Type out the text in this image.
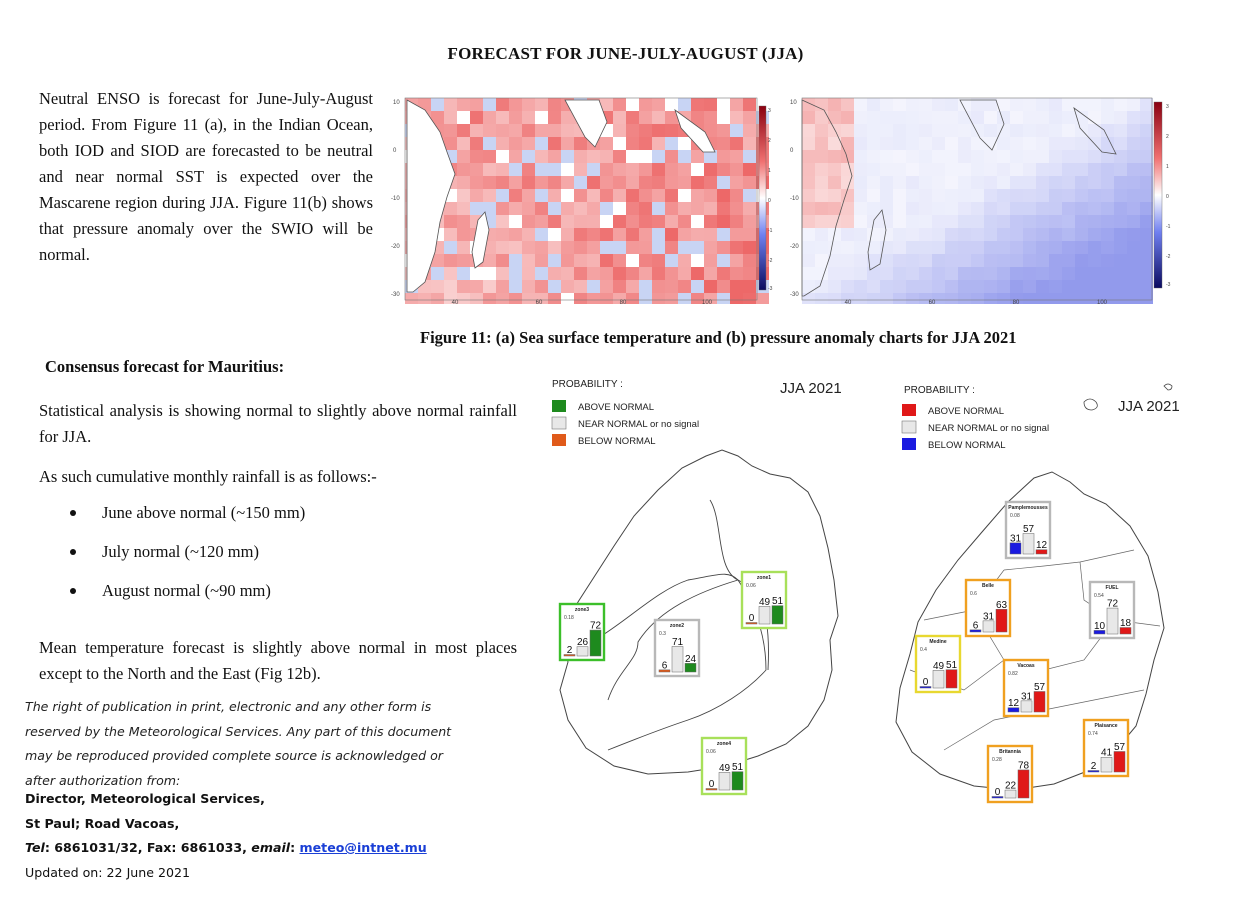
FORECAST FOR JUNE-JULY-AUGUST (JJA)
Neutral ENSO is forecast for June-July-August period. From Figure 11 (a), in the Indian Ocean, both IOD and SIOD are forecasted to be neutral and near normal SST is expected over the Mascarene region during JJA. Figure 11(b) shows that pressure anomaly over the SWIO will be normal.
40	60	80	100
10
0
-10
-20
-30
3
2
1
0
-1
-2
-3
40	60	80	100
10
0
-10
-20
-30
3
2
1
0
-1
-2
-3
Figure 11: (a) Sea surface temperature and (b) pressure anomaly charts for JJA 2021
Consensus forecast for Mauritius:
Statistical analysis is showing normal to slightly above normal rainfall for JJA.
As such cumulative monthly rainfall is as follows:-
June above normal (~150 mm)
July normal (~120 mm)
August normal (~90 mm)
Mean temperature forecast is slightly above normal in most places except to the North and the East (Fig 12b).
The right of publication in print, electronic and any other form is
reserved by the Meteorological Services. Any part of this document
may be reproduced provided complete source is acknowledged or
after authorization from:
Director, Meteorological Services,
St Paul; Road Vacoas,
Tel: 6861031/32, Fax: 6861033, email: meteo@intnet.mu
Updated on: 22 June 2021
JJA 2021
PROBABILITY :
ABOVE NORMAL
NEAR NORMAL or no signal
BELOW NORMAL
zone3
0.18
2
26
72	zone2
0.3
6
71
24
zone1
0.06
0
49 51
zone4
0.06
0
49 51
JJA 2021
PROBABILITY :
ABOVE NORMAL
NEAR NORMAL or no signal
BELOW NORMAL
Pamplemousses
0.08
31
57
12
Belle
0.6
6
31
63
FUEL
0.54
10
72
18
Medine
0.4
0
49 51	Vacoas
0.82
12
31
57
Plaisance
0.74
2
41
57
Britannia
0.28
0
22
78
